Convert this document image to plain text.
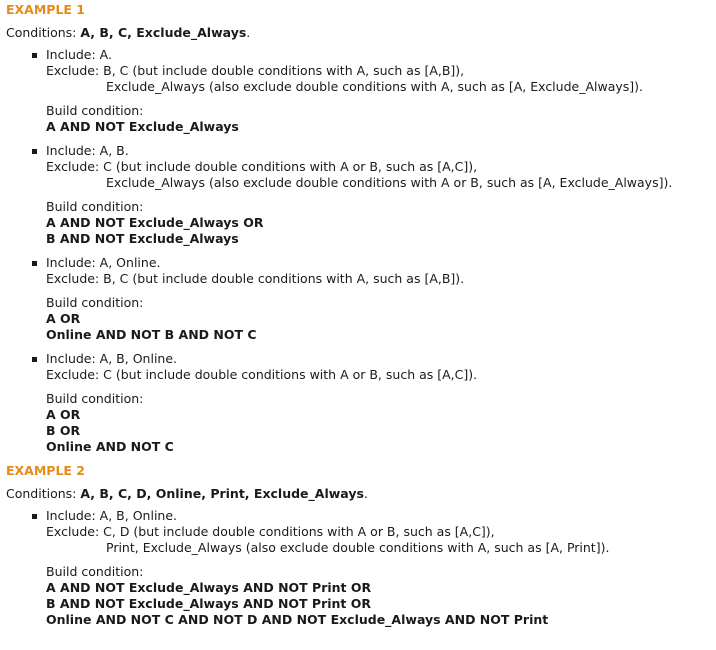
EXAMPLE 1
Conditions: A, B, C, Exclude_Always.
Include: A.
Exclude: B, C (but include double conditions with A, such as [A,B]),
Exclude_Always (also exclude double conditions with A, such as [A, Exclude_Always]).
Build condition:
A AND NOT Exclude_Always
Include: A, B.
Exclude: C (but include double conditions with A or B, such as [A,C]),
Exclude_Always (also exclude double conditions with A or B, such as [A, Exclude_Always]).
Build condition:
A AND NOT Exclude_Always OR
B AND NOT Exclude_Always
Include: A, Online.
Exclude: B, C (but include double conditions with A, such as [A,B]).
Build condition:
A OR
Online AND NOT B AND NOT C
Include: A, B, Online.
Exclude: C (but include double conditions with A or B, such as [A,C]).
Build condition:
A OR
B OR
Online AND NOT C
EXAMPLE 2
Conditions: A, B, C, D, Online, Print, Exclude_Always.
Include: A, B, Online.
Exclude: C, D (but include double conditions with A or B, such as [A,C]),
Print, Exclude_Always (also exclude double conditions with A, such as [A, Print]).
Build condition:
A AND NOT Exclude_Always AND NOT Print OR
B AND NOT Exclude_Always AND NOT Print OR
Online AND NOT C AND NOT D AND NOT Exclude_Always AND NOT Print
